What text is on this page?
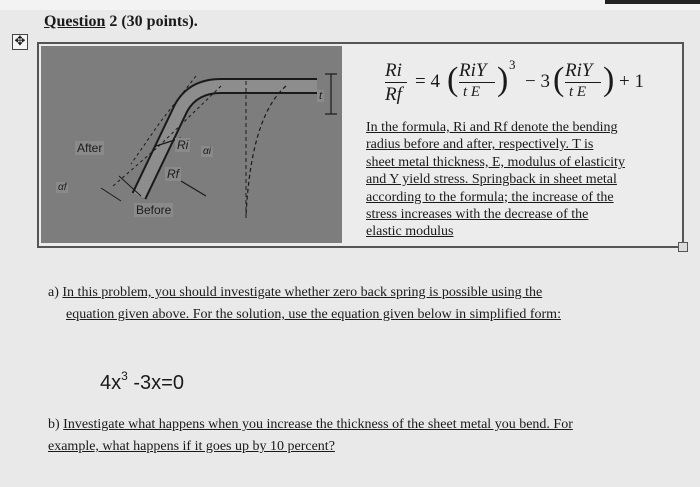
Question 2 (30 points).
✥
After
Before
Ri
Rf
αi
αf
t
Ri
Rf
= 4 ( RiY
t E ) 3
− 3 ( RiY
t E ) + 1
In the formula, Ri and Rf denote the bending
radius before and after, respectively. T is
sheet metal thickness, E, modulus of elasticity
and Y yield stress. Springback in sheet metal
according to the formula; the increase of the
stress increases with the decrease of the
elastic modulus
a) In this problem, you should investigate whether zero back spring is possible using the
equation given above. For the solution, use the equation given below in simplified form:
$4x^3$ -3x=0
b) Investigate what happens when you increase the thickness of the sheet metal you bend. For
example, what happens if it goes up by 10 percent?
